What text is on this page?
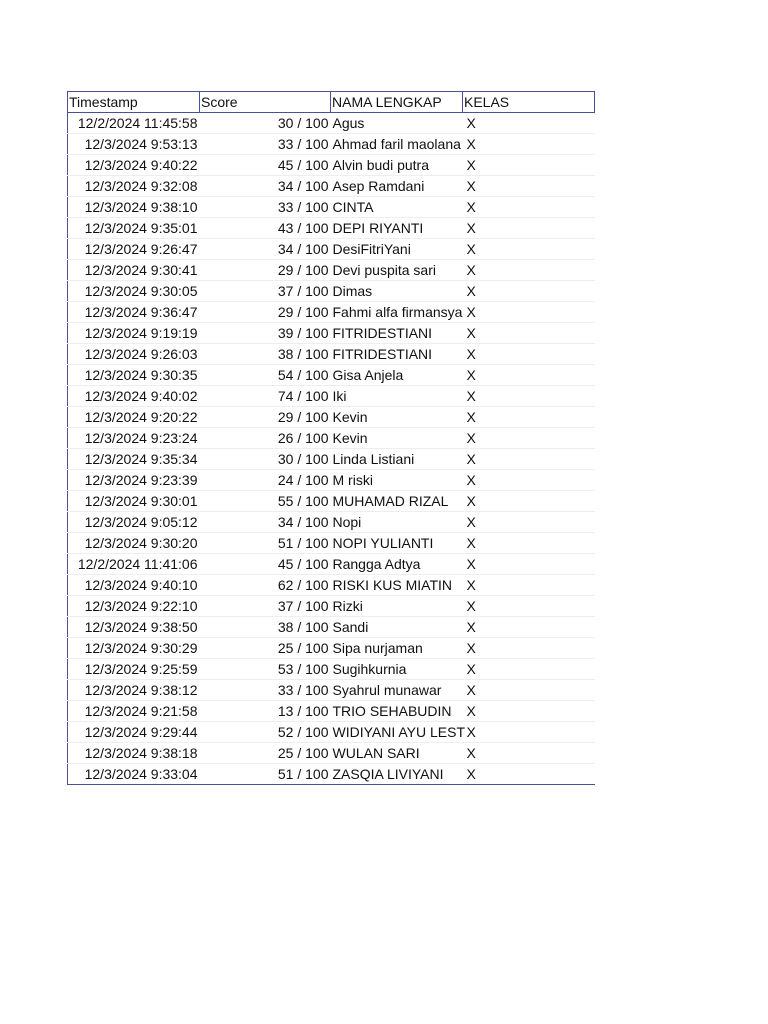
Timestamp	Score	NAMA LENGKAP	KELAS
12/2/2024 11:45:58	30 / 100	Agus	X
12/3/2024 9:53:13	33 / 100	Ahmad faril maolana	X
12/3/2024 9:40:22	45 / 100	Alvin budi putra	X
12/3/2024 9:32:08	34 / 100	Asep Ramdani	X
12/3/2024 9:38:10	33 / 100	CINTA	X
12/3/2024 9:35:01	43 / 100	DEPI RIYANTI	X
12/3/2024 9:26:47	34 / 100	DesiFitriYani	X
12/3/2024 9:30:41	29 / 100	Devi puspita sari	X
12/3/2024 9:30:05	37 / 100	Dimas	X
12/3/2024 9:36:47	29 / 100	Fahmi alfa firmansya	X
12/3/2024 9:19:19	39 / 100	FITRIDESTIANI	X
12/3/2024 9:26:03	38 / 100	FITRIDESTIANI	X
12/3/2024 9:30:35	54 / 100	Gisa Anjela	X
12/3/2024 9:40:02	74 / 100	Iki	X
12/3/2024 9:20:22	29 / 100	Kevin	X
12/3/2024 9:23:24	26 / 100	Kevin	X
12/3/2024 9:35:34	30 / 100	Linda Listiani	X
12/3/2024 9:23:39	24 / 100	M riski	X
12/3/2024 9:30:01	55 / 100	MUHAMAD RIZAL	X
12/3/2024 9:05:12	34 / 100	Nopi	X
12/3/2024 9:30:20	51 / 100	NOPI YULIANTI	X
12/2/2024 11:41:06	45 / 100	Rangga Adtya	X
12/3/2024 9:40:10	62 / 100	RISKI KUS MIATIN	X
12/3/2024 9:22:10	37 / 100	Rizki	X
12/3/2024 9:38:50	38 / 100	Sandi	X
12/3/2024 9:30:29	25 / 100	Sipa nurjaman	X
12/3/2024 9:25:59	53 / 100	Sugihkurnia	X
12/3/2024 9:38:12	33 / 100	Syahrul munawar	X
12/3/2024 9:21:58	13 / 100	TRIO SEHABUDIN	X
12/3/2024 9:29:44	52 / 100	WIDIYANI AYU LEST	X
12/3/2024 9:38:18	25 / 100	WULAN SARI	X
12/3/2024 9:33:04	51 / 100	ZASQIA LIVIYANI	X
